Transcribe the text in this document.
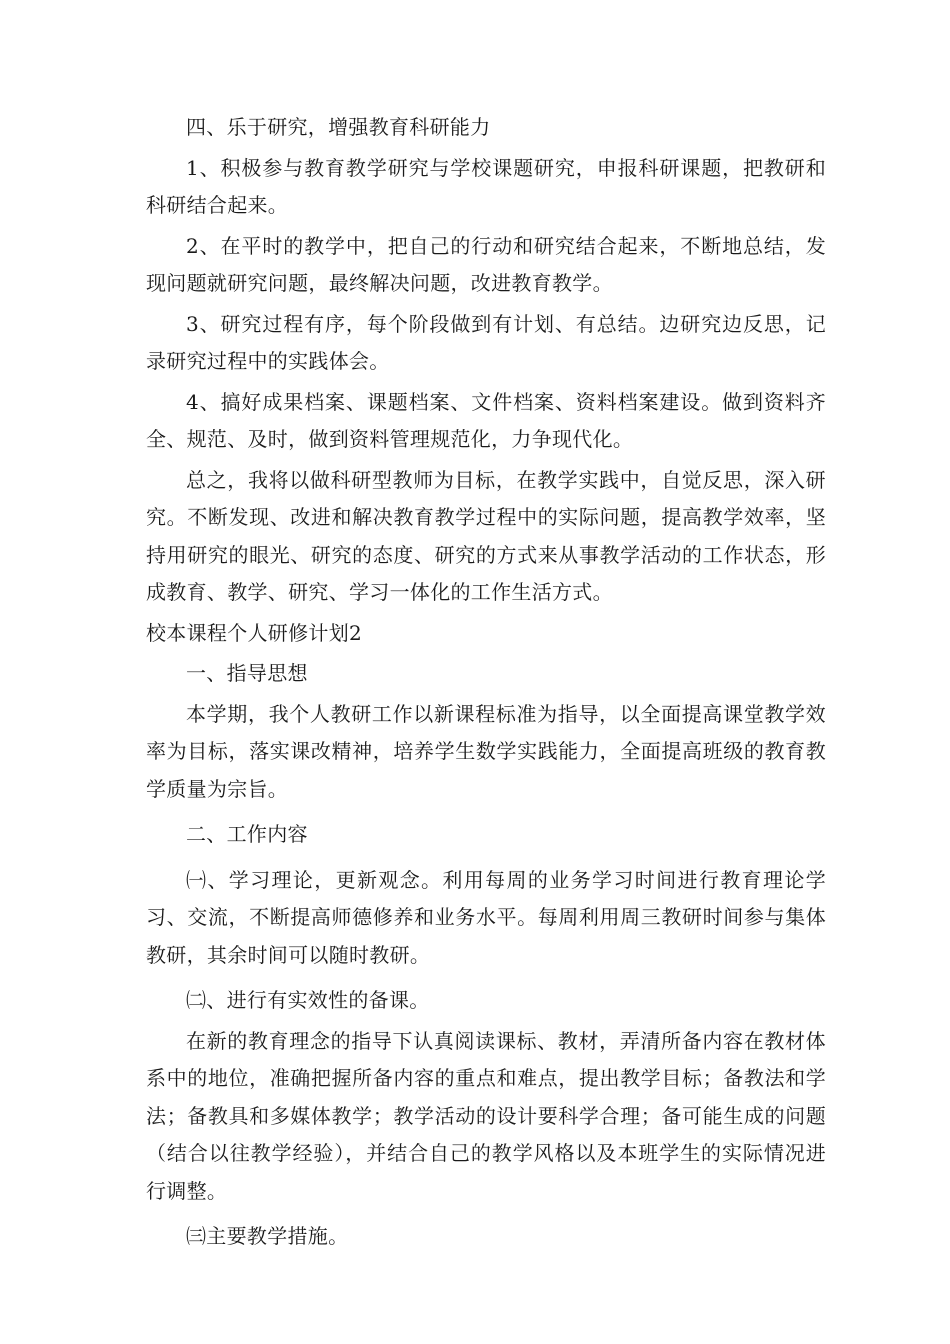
四、乐于研究，增强教育科研能力

1、积极参与教育教学研究与学校课题研究，申报科研课题，把教研和科研结合起来。

2、在平时的教学中，把自己的行动和研究结合起来，不断地总结，发现问题就研究问题，最终解决问题，改进教育教学。

3、研究过程有序，每个阶段做到有计划、有总结。边研究边反思，记录研究过程中的实践体会。

4、搞好成果档案、课题档案、文件档案、资料档案建设。做到资料齐全、规范、及时，做到资料管理规范化，力争现代化。

总之，我将以做科研型教师为目标，在教学实践中，自觉反思，深入研究。不断发现、改进和解决教育教学过程中的实际问题，提高教学效率，坚持用研究的眼光、研究的态度、研究的方式来从事教学活动的工作状态，形成教育、教学、研究、学习一体化的工作生活方式。

校本课程个人研修计划2

一、指导思想

本学期，我个人教研工作以新课程标准为指导，以全面提高课堂教学效率为目标，落实课改精神，培养学生数学实践能力，全面提高班级的教育教学质量为宗旨。

二、工作内容

㈠、学习理论，更新观念。利用每周的业务学习时间进行教育理论学习、交流，不断提高师德修养和业务水平。每周利用周三教研时间参与集体教研，其余时间可以随时教研。

㈡、进行有实效性的备课。

在新的教育理念的指导下认真阅读课标、教材，弄清所备内容在教材体系中的地位，准确把握所备内容的重点和难点，提出教学目标；备教法和学法；备教具和多媒体教学；教学活动的设计要科学合理；备可能生成的问题（结合以往教学经验），并结合自己的教学风格以及本班学生的实际情况进行调整。

㈢主要教学措施。
